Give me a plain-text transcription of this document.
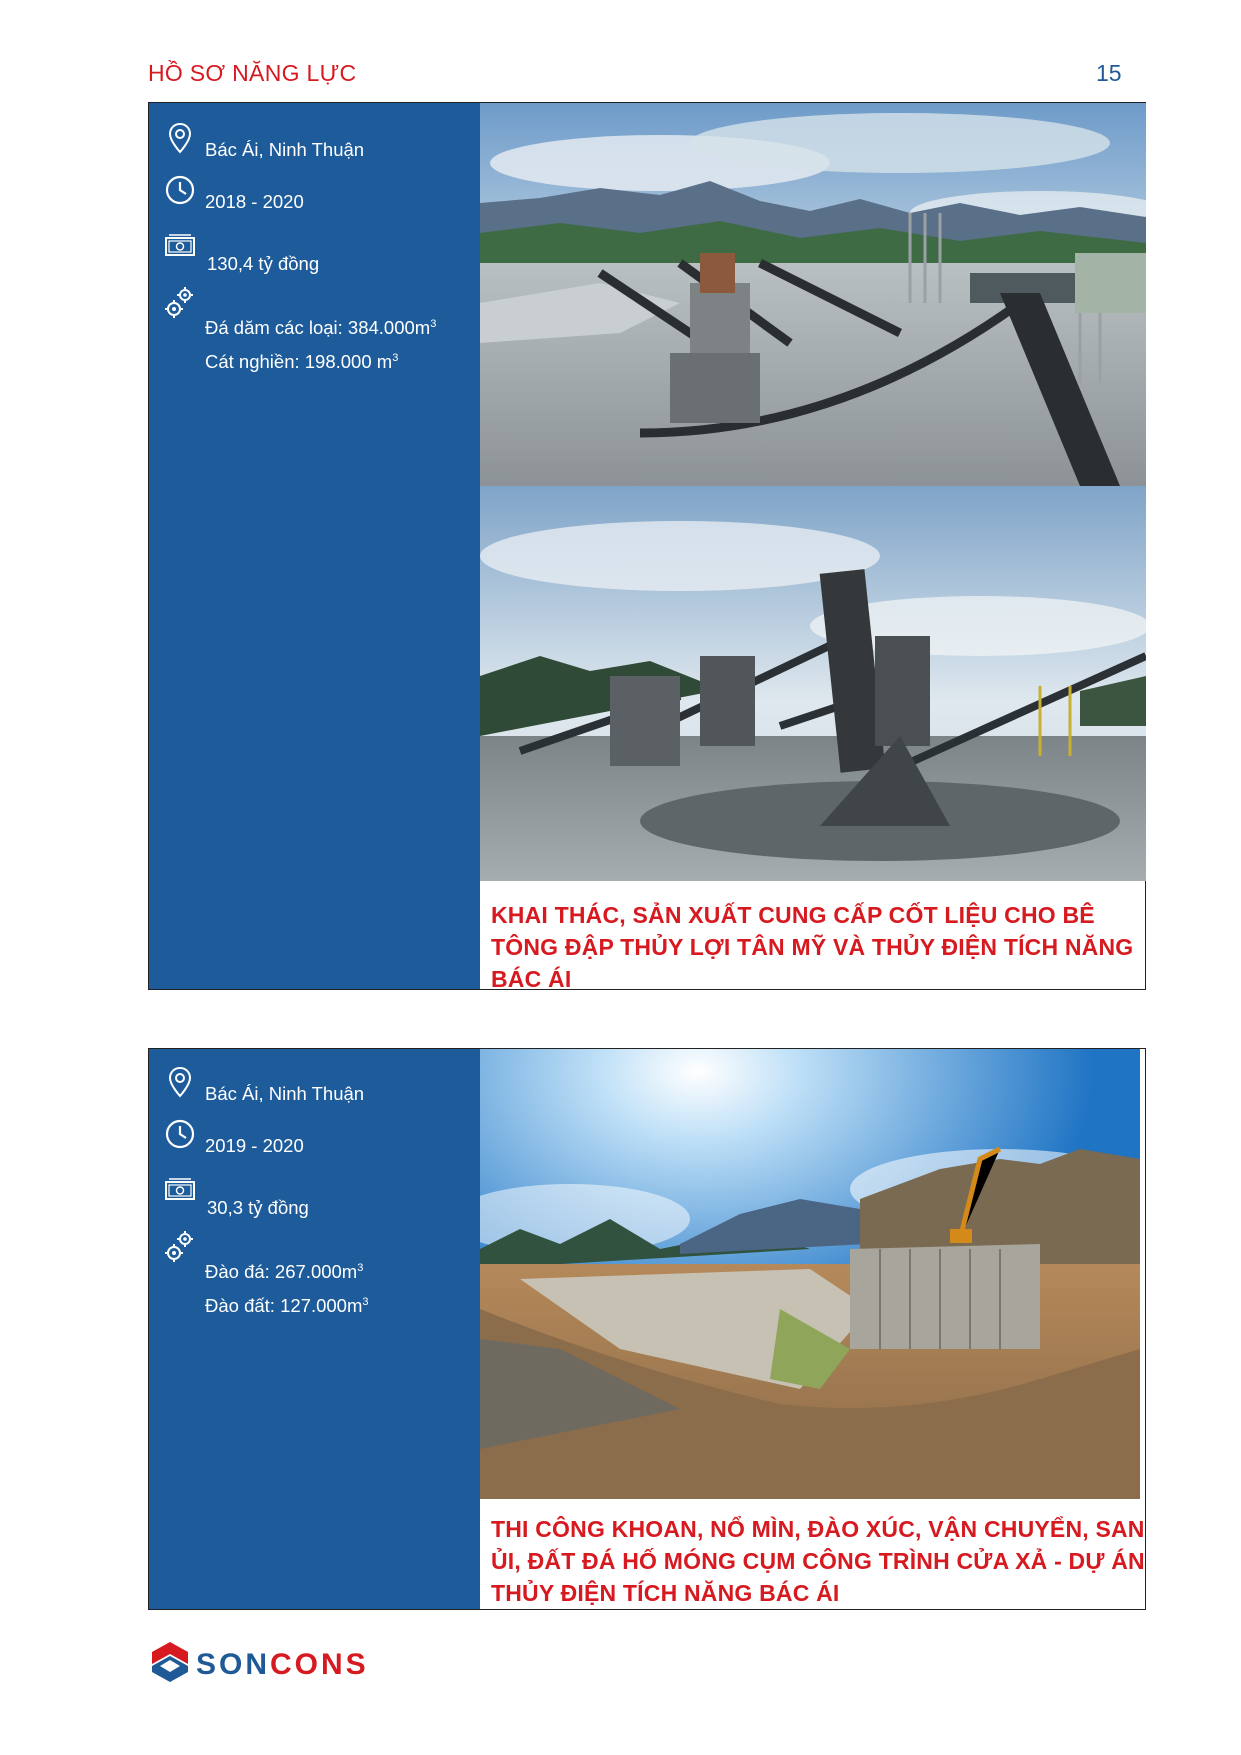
HỒ SƠ NĂNG LỰC	15
Bác Ái, Ninh Thuận
2018 - 2020
130,4 tỷ đồng
Đá dăm các loại: $384.000m^3$
Cát nghiền: 198.000 $m^3$
KHAI THÁC, SẢN XUẤT CUNG CẤP CỐT LIỆU CHO BÊ
TÔNG ĐẬP THỦY LỢI TÂN MỸ VÀ THỦY ĐIỆN TÍCH NĂNG
BÁC ÁI
Bác Ái, Ninh Thuận
2019 - 2020
30,3 tỷ đồng
Đào đá: $267.000m^3$
Đào đất: $127.000m^3$
THI CÔNG KHOAN, NỔ MÌN, ĐÀO XÚC, VẬN CHUYỂN, SAN
ỦI, ĐẤT ĐÁ HỐ MÓNG CỤM CÔNG TRÌNH CỬA XẢ - DỰ ÁN
THỦY ĐIỆN TÍCH NĂNG BÁC ÁI
SONCONS
